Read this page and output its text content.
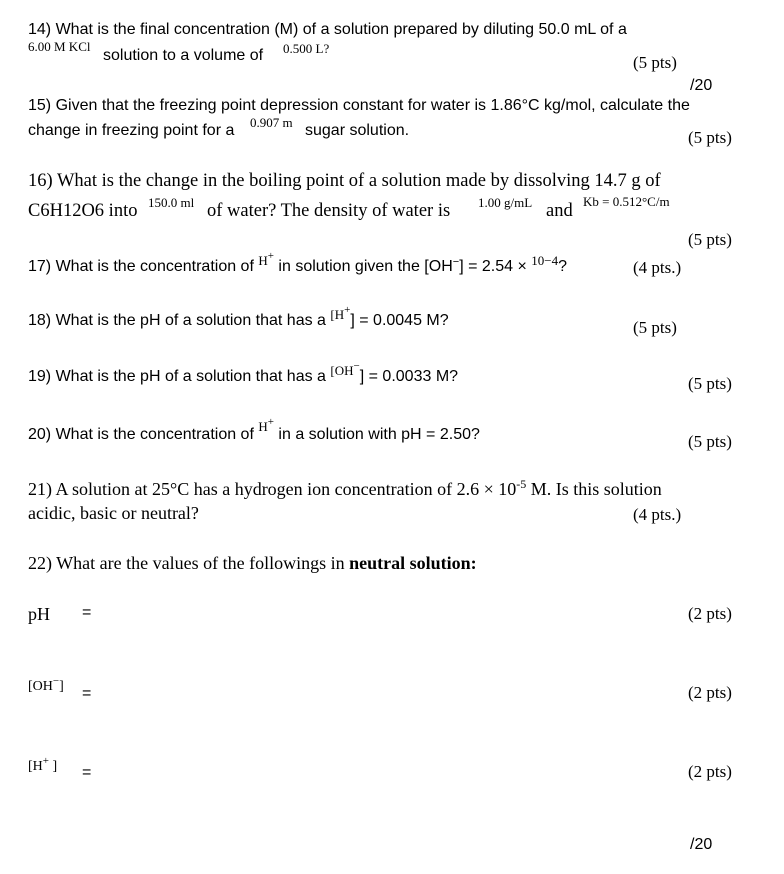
14) What is the final concentration (M) of a solution prepared by diluting 50.0 mL of a
6.00 M KCl
solution to a volume of 0.500 L?
(5 pts)
/20
15) Given that the freezing point depression constant for water is 1.86°C kg/mol, calculate the
change in freezing point for a 0.907 m sugar solution.	(5 pts)
16) What is the change in the boiling point of a solution made by dissolving 14.7 g of
C6H12O6 into 150.0 ml of water? The density of water is 1.00 g/mL and Kb = 0.512°C/m
(5 pts)
17) What is the concentration of $^{H^+}$ in solution given the [OH−] = 2.54 × $^{10-4}$?	(4 pts.)
18) What is the pH of a solution that has a $^{[H^+}$] = 0.0045 M?	(5 pts)
19) What is the pH of a solution that has a $^{[OH^-}$] = 0.0033 M?	(5 pts)
20) What is the concentration of $^{H^+}$ in a solution with pH = 2.50?	(5 pts)
21) A solution at 25°C has a hydrogen ion concentration of $2.6 \times 10^{-5}$ M. Is this solution
acidic, basic or neutral?	(4 pts.)
22) What are the values of the followings in neutral solution:
pH =	(2 pts)
[OH−] =	(2 pts)
[H+ ] =	(2 pts)
/20
